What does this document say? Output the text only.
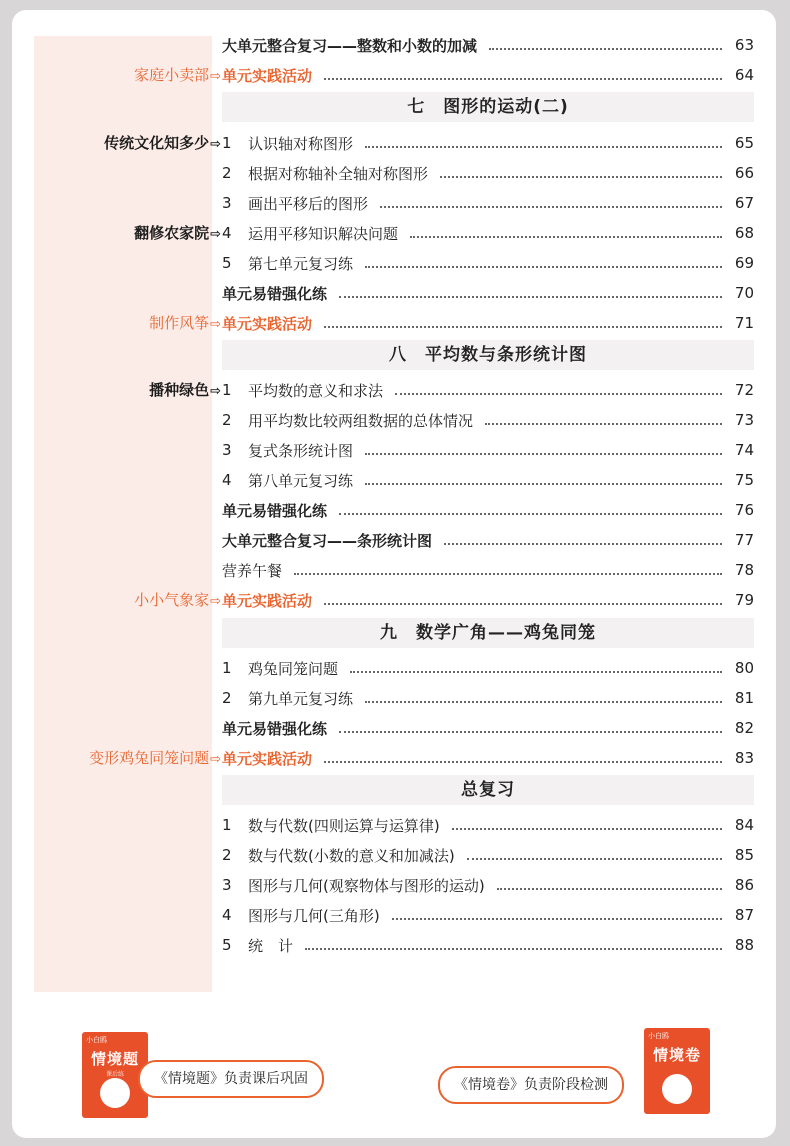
大单元整合复习——整数和小数的加减	63
家庭小卖部⇨ 单元实践活动	64
七　图形的运动(二)
传统文化知多少⇨ 1	认识轴对称图形	65
2	根据对称轴补全轴对称图形	66
3	画出平移后的图形	67
翻修农家院⇨ 4	运用平移知识解决问题	68
5	第七单元复习练	69
单元易错强化练	70
制作风筝⇨ 单元实践活动	71
八　平均数与条形统计图
播种绿色⇨ 1	平均数的意义和求法	72
2	用平均数比较两组数据的总体情况	73
3	复式条形统计图	74
4	第八单元复习练	75
单元易错强化练	76
大单元整合复习——条形统计图	77
营养午餐	78
小小气象家⇨ 单元实践活动	79
九　数学广角——鸡兔同笼
1	鸡兔同笼问题	80
2	第九单元复习练	81
单元易错强化练	82
变形鸡兔同笼问题⇨ 单元实践活动	83
总复习
1	数与代数(四则运算与运算律)	84
2	数与代数(小数的意义和加减法)	85
3	图形与几何(观察物体与图形的运动)	86
4	图形与几何(三角形)	87
5	统　计	88
小白鸥
情境题
课后练	《情境题》负责课后巩固	《情境卷》负责阶段检测
小白鸥
情境卷
